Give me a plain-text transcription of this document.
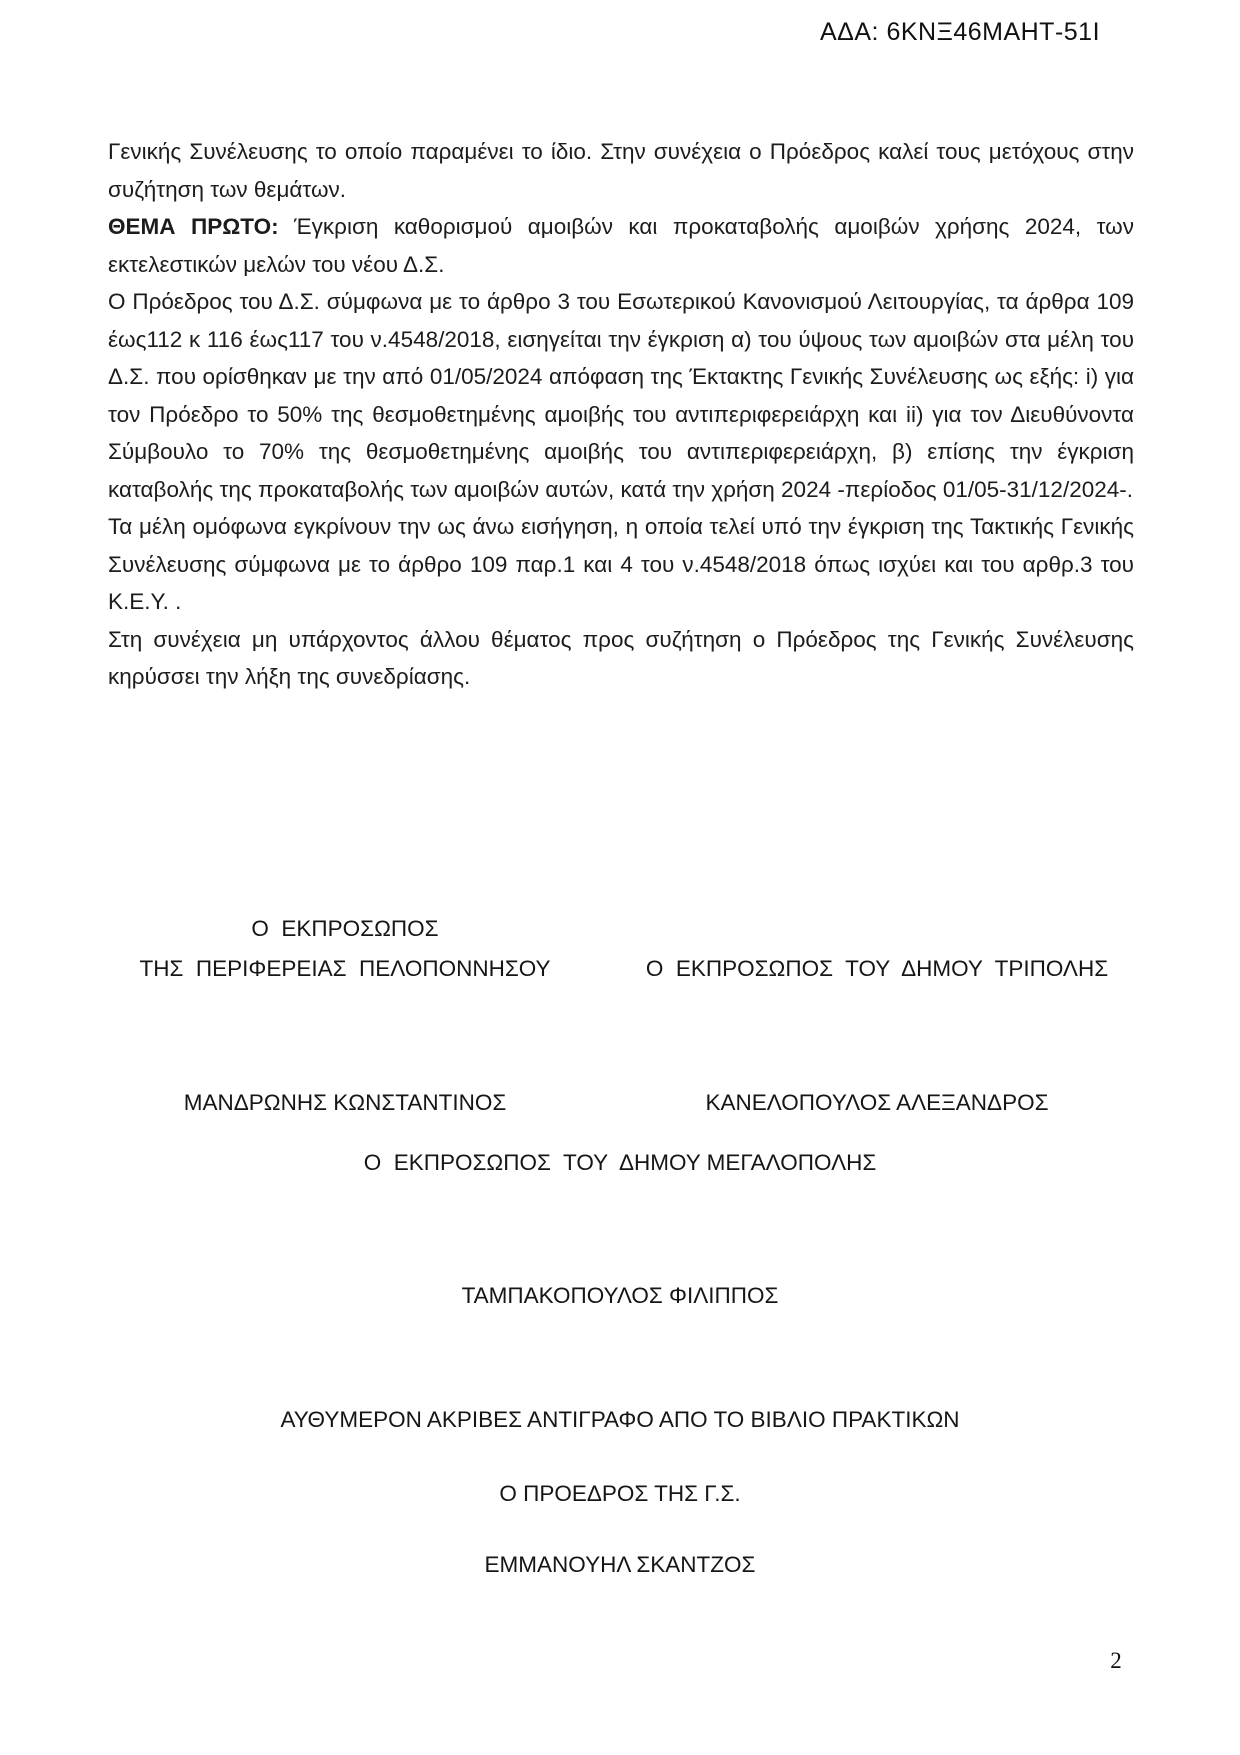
ΑΔΑ: 6ΚΝΞ46ΜΑΗΤ-51Ι

Γενικής Συνέλευσης το οποίο παραμένει το ίδιο. Στην συνέχεια ο Πρόεδρος καλεί τους μετόχους στην συζήτηση των θεμάτων.

ΘΕΜΑ ΠΡΩΤΟ: Έγκριση καθορισμού αμοιβών και προκαταβολής αμοιβών χρήσης 2024, των εκτελεστικών μελών του νέου Δ.Σ.

Ο Πρόεδρος του Δ.Σ. σύμφωνα με το άρθρο 3 του Εσωτερικού Κανονισμού Λειτουργίας, τα άρθρα 109 έως112 κ 116 έως117 του ν.4548/2018, εισηγείται την έγκριση α) του ύψους των αμοιβών στα μέλη του Δ.Σ. που ορίσθηκαν με την από 01/05/2024 απόφαση της Έκτακτης Γενικής Συνέλευσης ως εξής: i) για τον Πρόεδρο το 50% της θεσμοθετημένης αμοιβής του αντιπεριφερειάρχη και ii) για τον Διευθύνοντα Σύμβουλο το 70% της θεσμοθετημένης αμοιβής του αντιπεριφερειάρχη, β) επίσης την έγκριση καταβολής της προκαταβολής των αμοιβών αυτών, κατά την χρήση 2024 -περίοδος 01/05-31/12/2024-.

Τα μέλη ομόφωνα εγκρίνουν την ως άνω εισήγηση, η οποία τελεί υπό την έγκριση της Τακτικής Γενικής Συνέλευσης σύμφωνα με το άρθρο 109 παρ.1 και 4 του ν.4548/2018 όπως ισχύει και του αρθρ.3 του Κ.Ε.Υ. .

Στη συνέχεια μη υπάρχοντος άλλου θέματος προς συζήτηση ο Πρόεδρος της Γενικής Συνέλευσης κηρύσσει την λήξη της συνεδρίασης.

Ο  ΕΚΠΡΟΣΩΠΟΣ
ΤΗΣ  ΠΕΡΙΦΕΡΕΙΑΣ  ΠΕΛΟΠΟΝΝΗΣΟΥ	Ο  ΕΚΠΡΟΣΩΠΟΣ  ΤΟΥ  ΔΗΜΟΥ  ΤΡΙΠΟΛΗΣ
ΜΑΝΔΡΩΝΗΣ ΚΩΝΣΤΑΝΤΙΝΟΣ	ΚΑΝΕΛΟΠΟΥΛΟΣ ΑΛΕΞΑΝΔΡΟΣ
Ο  ΕΚΠΡΟΣΩΠΟΣ  ΤΟΥ  ΔΗΜΟΥ ΜΕΓΑΛΟΠΟΛΗΣ
ΤΑΜΠΑΚΟΠΟΥΛΟΣ ΦΙΛΙΠΠΟΣ
ΑΥΘΥΜΕΡΟΝ ΑΚΡΙΒΕΣ ΑΝΤΙΓΡΑΦΟ ΑΠΟ ΤΟ ΒΙΒΛΙΟ ΠΡΑΚΤΙΚΩΝ
Ο ΠΡΟΕΔΡΟΣ ΤΗΣ Γ.Σ.
ΕΜΜΑΝΟΥΗΛ ΣΚΑΝΤΖΟΣ
2
